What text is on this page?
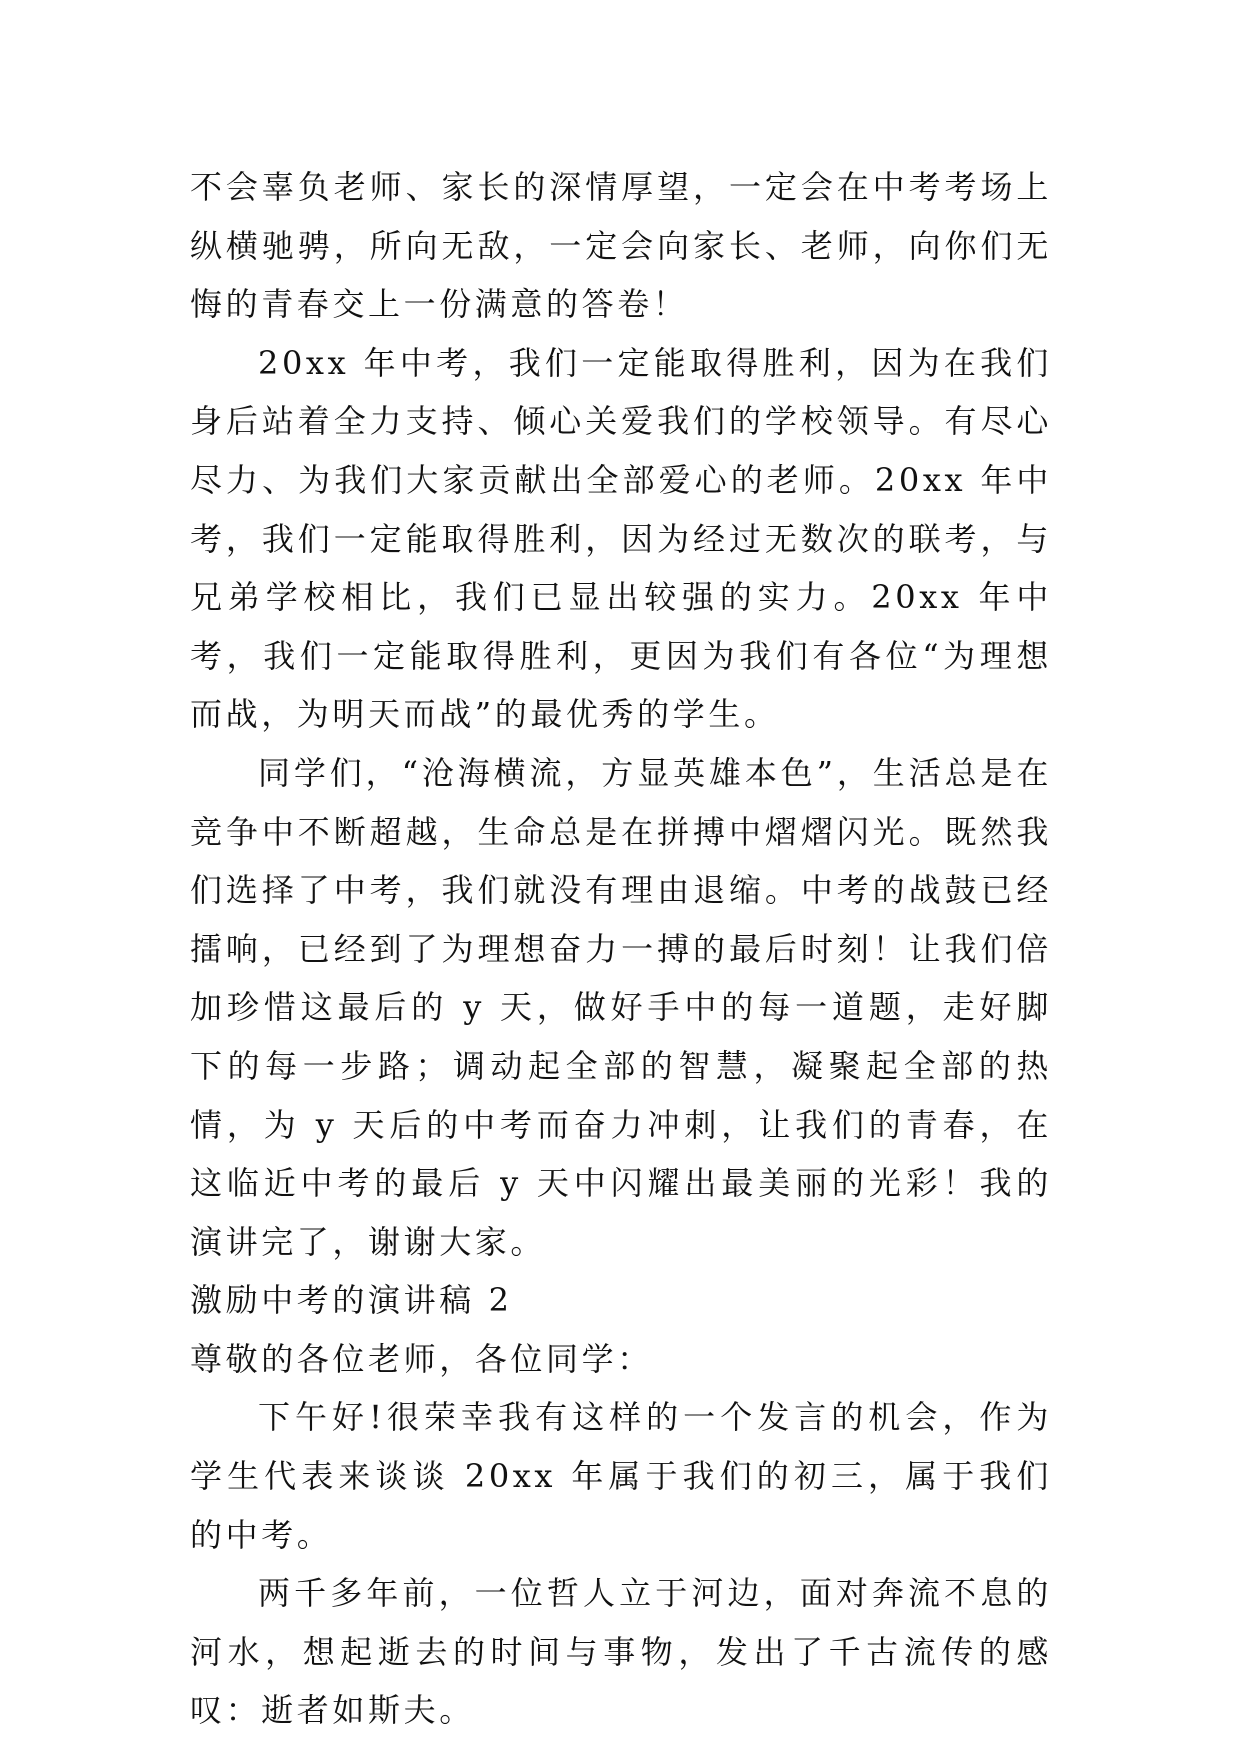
不会辜负老师、家长的深情厚望，一定会在中考考场上纵横驰骋，所向无敌，一定会向家长、老师，向你们无悔的青春交上一份满意的答卷！

20xx 年中考，我们一定能取得胜利，因为在我们身后站着全力支持、倾心关爱我们的学校领导。有尽心尽力、为我们大家贡献出全部爱心的老师。20xx 年中考，我们一定能取得胜利，因为经过无数次的联考，与兄弟学校相比，我们已显出较强的实力。20xx 年中考，我们一定能取得胜利，更因为我们有各位“为理想而战，为明天而战”的最优秀的学生。

同学们，“沧海横流，方显英雄本色”，生活总是在竞争中不断超越，生命总是在拼搏中熠熠闪光。既然我们选择了中考，我们就没有理由退缩。中考的战鼓已经擂响，已经到了为理想奋力一搏的最后时刻！让我们倍加珍惜这最后的 y 天，做好手中的每一道题，走好脚下的每一步路；调动起全部的智慧，凝聚起全部的热情，为 y 天后的中考而奋力冲刺，让我们的青春，在这临近中考的最后 y 天中闪耀出最美丽的光彩！我的演讲完了，谢谢大家。

激励中考的演讲稿 2

尊敬的各位老师，各位同学：

下午好!很荣幸我有这样的一个发言的机会，作为学生代表来谈谈 20xx 年属于我们的初三，属于我们的中考。

两千多年前，一位哲人立于河边，面对奔流不息的河水，想起逝去的时间与事物，发出了千古流传的感叹：逝者如斯夫。
